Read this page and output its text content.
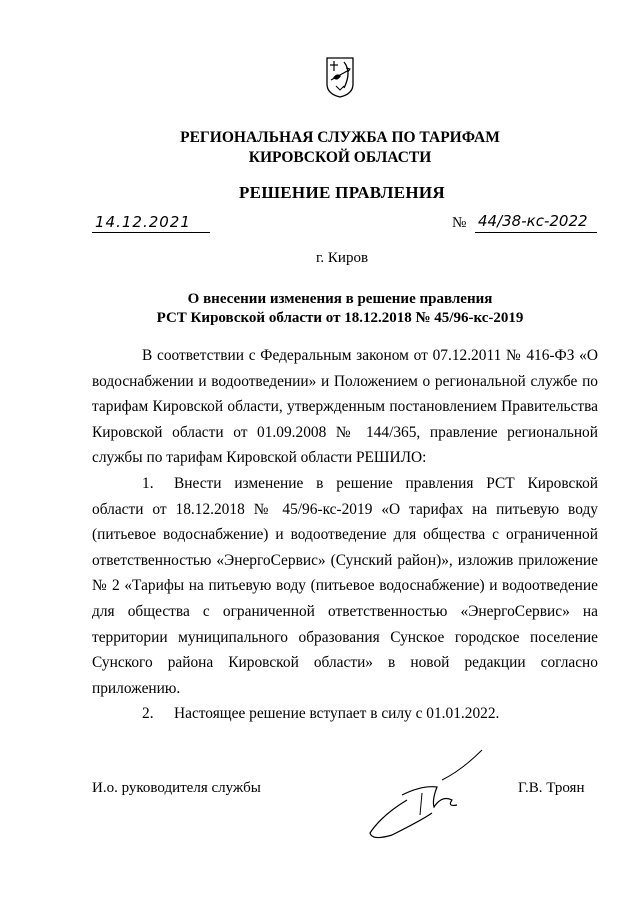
РЕГИОНАЛЬНАЯ СЛУЖБА ПО ТАРИФАМ
КИРОВСКОЙ ОБЛАСТИ
РЕШЕНИЕ ПРАВЛЕНИЯ
14.12.2021	№ 44/38-кс-2022
г. Киров
О внесении изменения в решение правления
РСТ Кировской области от 18.12.2018 № 45/96-кс-2019

В соответствии с Федеральным законом от 07.12.2011 № 416-ФЗ «О водоснабжении и водоотведении» и Положением о региональной службе по тарифам Кировской области, утвержденным постановлением Правительства Кировской области от 01.09.2008 № 144/365, правление региональной службы по тарифам Кировской области РЕШИЛО:

1. Внести изменение в решение правления РСТ Кировской области от 18.12.2018 № 45/96-кс-2019 «О тарифах на питьевую воду (питьевое водоснабжение) и водоотведение для общества с ограниченной ответственностью «ЭнергоСервис» (Сунский район)», изложив приложение № 2 «Тарифы на питьевую воду (питьевое водоснабжение) и водоотведение для общества с ограниченной ответственностью «ЭнергоСервис» на территории муниципального образования Сунское городское поселение Сунского района Кировской области» в новой редакции согласно приложению.

2. Настоящее решение вступает в силу с 01.01.2022.

И.о. руководителя службы	Г.В. Троян
